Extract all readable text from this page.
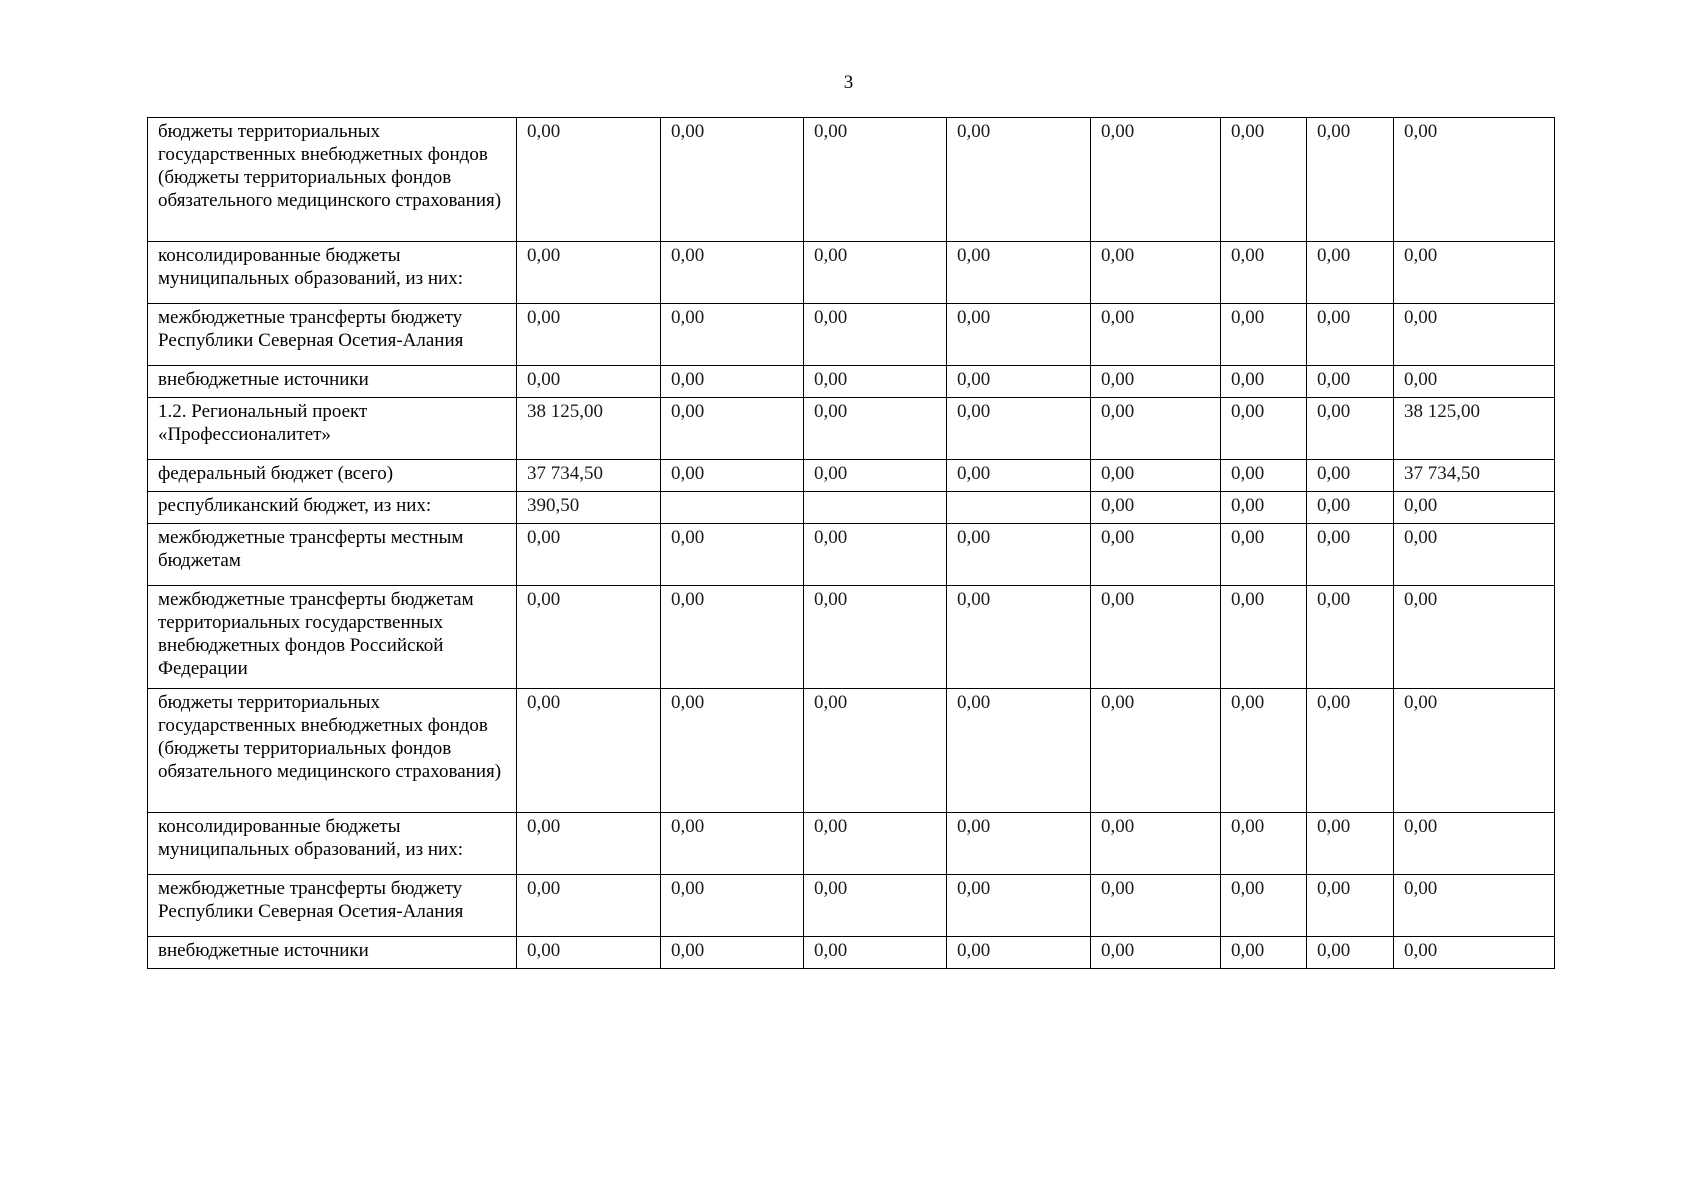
3
бюджеты территориальных государственных внебюджетных фондов (бюджеты территориальных фондов обязательного медицинского страхования)	0,00	0,00	0,00	0,00	0,00	0,00	0,00	0,00
консолидированные бюджеты муниципальных образований, из них:	0,00	0,00	0,00	0,00	0,00	0,00	0,00	0,00
межбюджетные трансферты бюджету Республики Северная Осетия-Алания	0,00	0,00	0,00	0,00	0,00	0,00	0,00	0,00
внебюджетные источники	0,00	0,00	0,00	0,00	0,00	0,00	0,00	0,00
1.2. Региональный проект «Профессионалитет»	38 125,00	0,00	0,00	0,00	0,00	0,00	0,00	38 125,00
федеральный бюджет (всего)	37 734,50	0,00	0,00	0,00	0,00	0,00	0,00	37 734,50
республиканский бюджет, из них:	390,50				0,00	0,00	0,00	0,00
межбюджетные трансферты местным бюджетам	0,00	0,00	0,00	0,00	0,00	0,00	0,00	0,00
межбюджетные трансферты бюджетам территориальных государственных внебюджетных фондов Российской Федерации	0,00	0,00	0,00	0,00	0,00	0,00	0,00	0,00
бюджеты территориальных государственных внебюджетных фондов (бюджеты территориальных фондов обязательного медицинского страхования)	0,00	0,00	0,00	0,00	0,00	0,00	0,00	0,00
консолидированные бюджеты муниципальных образований, из них:	0,00	0,00	0,00	0,00	0,00	0,00	0,00	0,00
межбюджетные трансферты бюджету Республики Северная Осетия-Алания	0,00	0,00	0,00	0,00	0,00	0,00	0,00	0,00
внебюджетные источники	0,00	0,00	0,00	0,00	0,00	0,00	0,00	0,00
